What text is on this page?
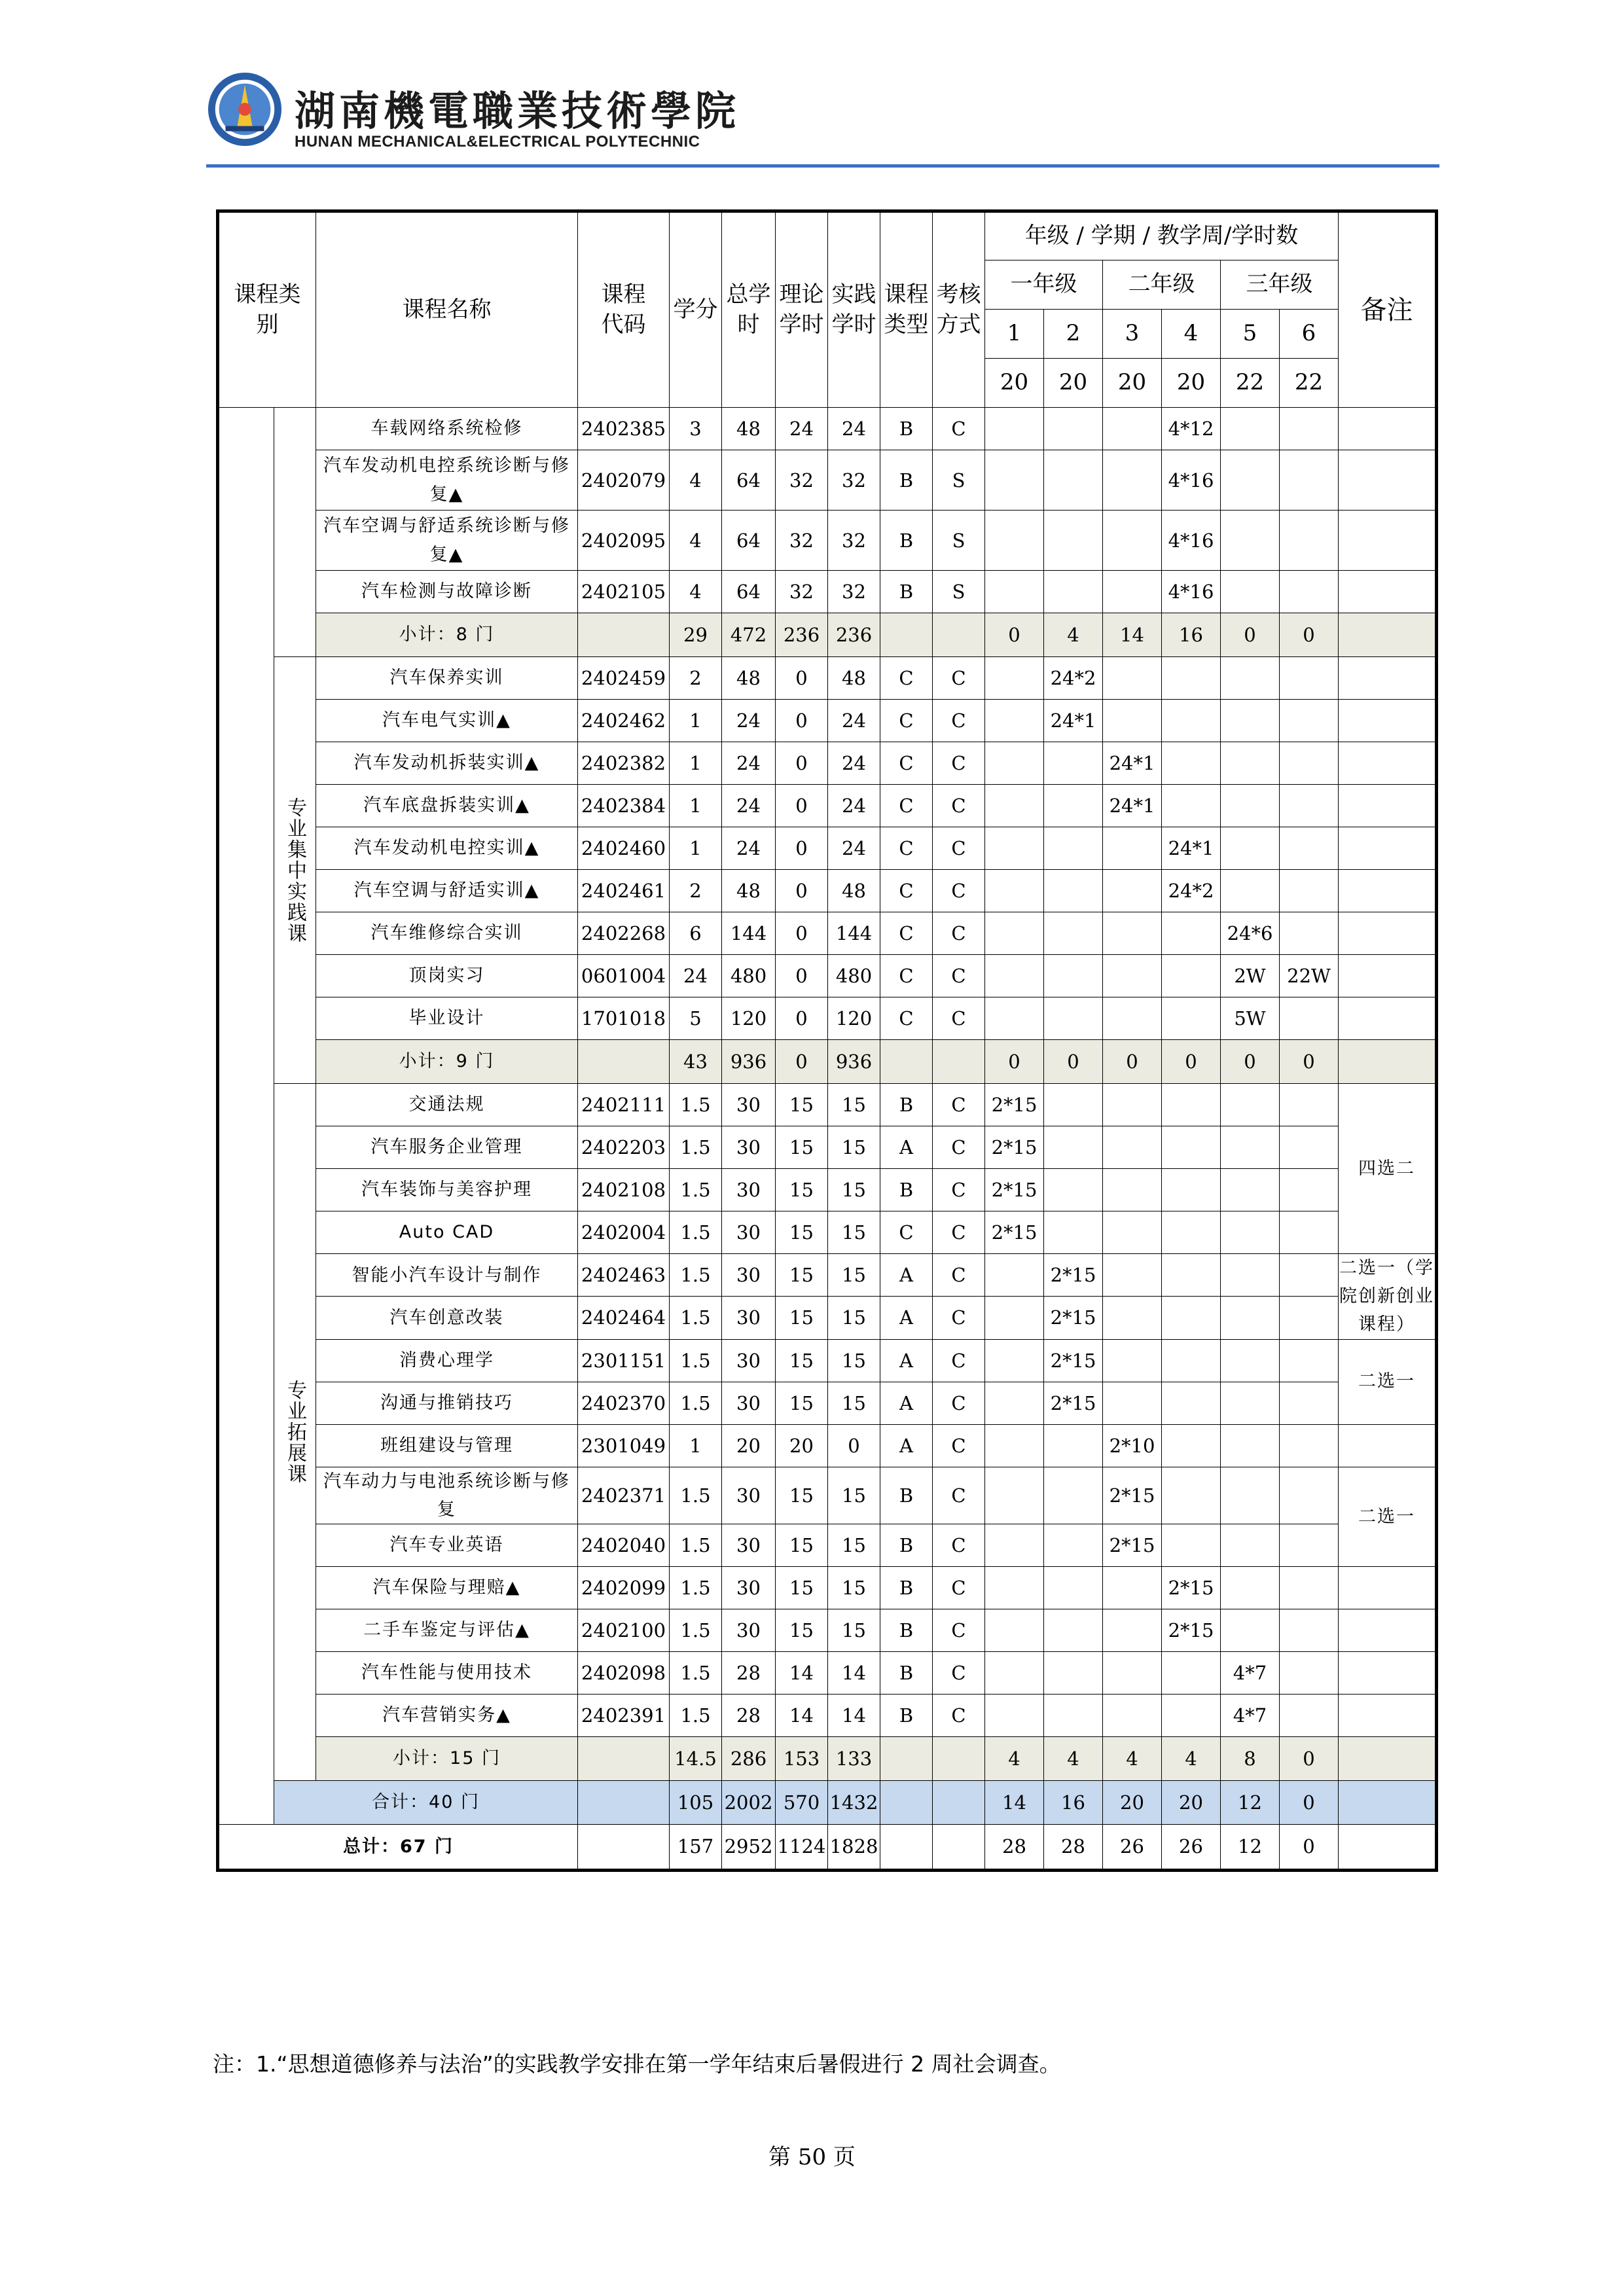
湖南機電職業技術學院
HUNAN MECHANICAL&ELECTRICAL POLYTECHNIC
课程类别		课程名称	课程代码	学分	总学时	理论学时	实践学时	课程类型	考核方式	年级 / 学期 / 教学周/学时数						备注
										一年级		二年级		三年级		
										1	2	3	4	5	6	
										20	20	20	20	22	22	
		车载网络系统检修	2402385	3	48	24	24	B	C				4*12			
		汽车发动机电控系统诊断与修复▲	2402079	4	64	32	32	B	S				4*16			
		汽车空调与舒适系统诊断与修复▲	2402095	4	64	32	32	B	S				4*16			
		汽车检测与故障诊断	2402105	4	64	32	32	B	S				4*16			
		小计：8 门		29	472	236	236			0	4	14	16	0	0	
	专业集中实践课	汽车保养实训	2402459	2	48	0	48	C	C		24*2					
		汽车电气实训▲	2402462	1	24	0	24	C	C		24*1					
		汽车发动机拆装实训▲	2402382	1	24	0	24	C	C			24*1				
		汽车底盘拆装实训▲	2402384	1	24	0	24	C	C			24*1				
		汽车发动机电控实训▲	2402460	1	24	0	24	C	C				24*1			
		汽车空调与舒适实训▲	2402461	2	48	0	48	C	C				24*2			
		汽车维修综合实训	2402268	6	144	0	144	C	C					24*6		
		顶岗实习	0601004	24	480	0	480	C	C					2W	22W	
		毕业设计	1701018	5	120	0	120	C	C					5W		
		小计：9 门		43	936	0	936			0	0	0	0	0	0	
	专业拓展课	交通法规	2402111	1.5	30	15	15	B	C	2*15						四选二
		汽车服务企业管理	2402203	1.5	30	15	15	A	C	2*15						
		汽车装饰与美容护理	2402108	1.5	30	15	15	B	C	2*15						
		Auto CAD	2402004	1.5	30	15	15	C	C	2*15						
		智能小汽车设计与制作	2402463	1.5	30	15	15	A	C		2*15					二选一（学院创新创业课程）
		汽车创意改装	2402464	1.5	30	15	15	A	C		2*15					
		消费心理学	2301151	1.5	30	15	15	A	C		2*15					二选一
		沟通与推销技巧	2402370	1.5	30	15	15	A	C		2*15					
		班组建设与管理	2301049	1	20	20	0	A	C			2*10				
		汽车动力与电池系统诊断与修复	2402371	1.5	30	15	15	B	C			2*15				二选一
		汽车专业英语	2402040	1.5	30	15	15	B	C			2*15				
		汽车保险与理赔▲	2402099	1.5	30	15	15	B	C				2*15			
		二手车鉴定与评估▲	2402100	1.5	30	15	15	B	C				2*15			
		汽车性能与使用技术	2402098	1.5	28	14	14	B	C					4*7		
		汽车营销实务▲	2402391	1.5	28	14	14	B	C					4*7		
		小计：15 门		14.5	286	153	133			4	4	4	4	8	0	
	合计：40 门			105	2002	570	1432			14	16	20	20	12	0	
总计：67 门				157	2952	1124	1828			28	28	26	26	12	0	
注：1.“思想道德修养与法治”的实践教学安排在第一学年结束后暑假进行 2 周社会调查。
第 50 页
